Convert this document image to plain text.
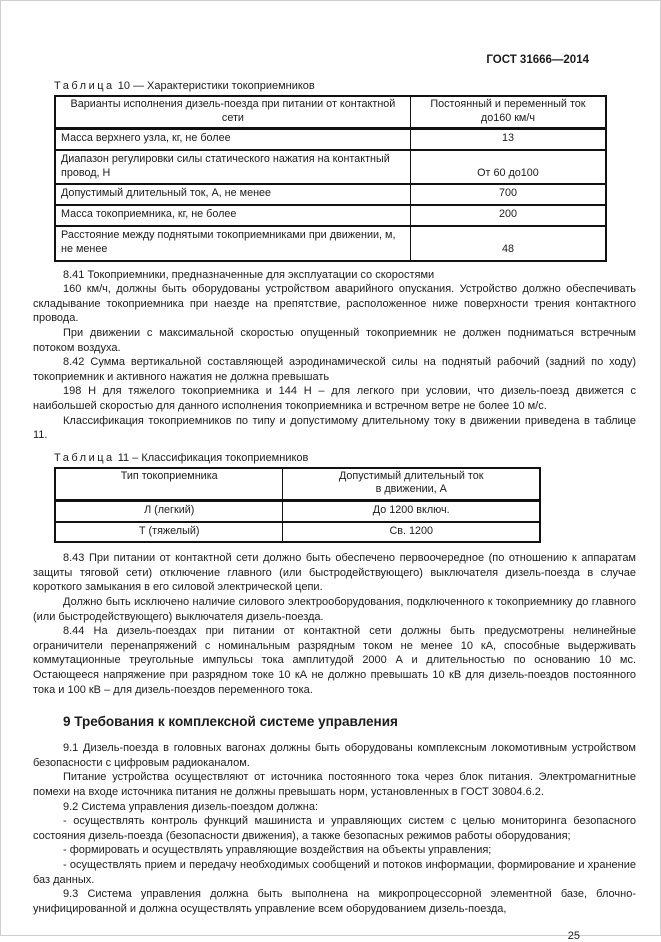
ГОСТ 31666—2014
Таблица 10 — Характеристики токоприемников
Варианты исполнения дизель-поезда при питании от контактной сети	Постоянный и переменный ток
до160 км/ч

Масса верхнего узла, кг, не более	13
Диапазон регулировки силы статического нажатия на контактный провод, Н	От 60 до100
Допустимый длительный ток, А, не менее	700
Масса токоприемника, кг, не более	200
Расстояние между поднятыми токоприемниками при движении, м, не менее	48

8.41 Токоприемники, предназначенные для эксплуатации со скоростями

160 км/ч, должны быть оборудованы устройством аварийного опускания. Устройство должно обеспечивать складывание токоприемника при наезде на препятствие, расположенное ниже поверхности трения контактного провода.

При движении с максимальной скоростью опущенный токоприемник не должен подниматься встречным потоком воздуха.

8.42 Сумма вертикальной составляющей аэродинамической силы на поднятый рабочий (задний по ходу) токоприемник и активного нажатия не должна превышать

198 Н для тяжелого токоприемника и 144 Н – для легкого при условии, что дизель-поезд движется с наибольшей скоростью для данного исполнения токоприемника и встречном ветре не более 10 м/с.

Классификация токоприемников по типу и допустимому длительному току в движении приведена в таблице 11.

Таблица 11 – Классификация токоприемников
Тип токоприемника	Допустимый длительный ток
в движении, А

Л (легкий)	До 1200 включ.
Т (тяжелый)	Св. 1200

8.43 При питании от контактной сети должно быть обеспечено первоочередное (по отношению к аппаратам защиты тяговой сети) отключение главного (или быстродействующего) выключателя дизель-поезда в случае короткого замыкания в его силовой электрической цепи.

Должно быть исключено наличие силового электрооборудования, подключенного к токоприемнику до главного (или быстродействующего) выключателя дизель-поезда.

8.44 На дизель-поездах при питании от контактной сети должны быть предусмотрены нелинейные ограничители перенапряжений с номинальным разрядным током не менее 10 кА, способные выдерживать коммутационные треугольные импульсы тока амплитудой 2000 А и длительностью по основанию 10 мс. Остающееся напряжение при разрядном токе 10 кА не должно превышать 10 кВ для дизель-поездов постоянного тока и 100 кВ – для дизель-поездов переменного тока.

9 Требования к комплексной системе управления

9.1 Дизель-поезда в головных вагонах должны быть оборудованы комплексным локомотивным устройством безопасности с цифровым радиоканалом.

Питание устройства осуществляют от источника постоянного тока через блок питания. Электромагнитные помехи на входе источника питания не должны превышать норм, установленных в ГОСТ 30804.6.2.

9.2 Система управления дизель-поездом должна:

- осуществлять контроль функций машиниста и управляющих систем с целью мониторинга безопасного состояния дизель-поезда (безопасности движения), а также безопасных режимов работы оборудования;

- формировать и осуществлять управляющие воздействия на объекты управления;

- осуществлять прием и передачу необходимых сообщений и потоков информации, формирование и хранение баз данных.

9.3 Система управления должна быть выполнена на микропроцессорной элементной базе, блочно- унифицированной и должна осуществлять управление всем оборудованием дизель-поезда,

25
